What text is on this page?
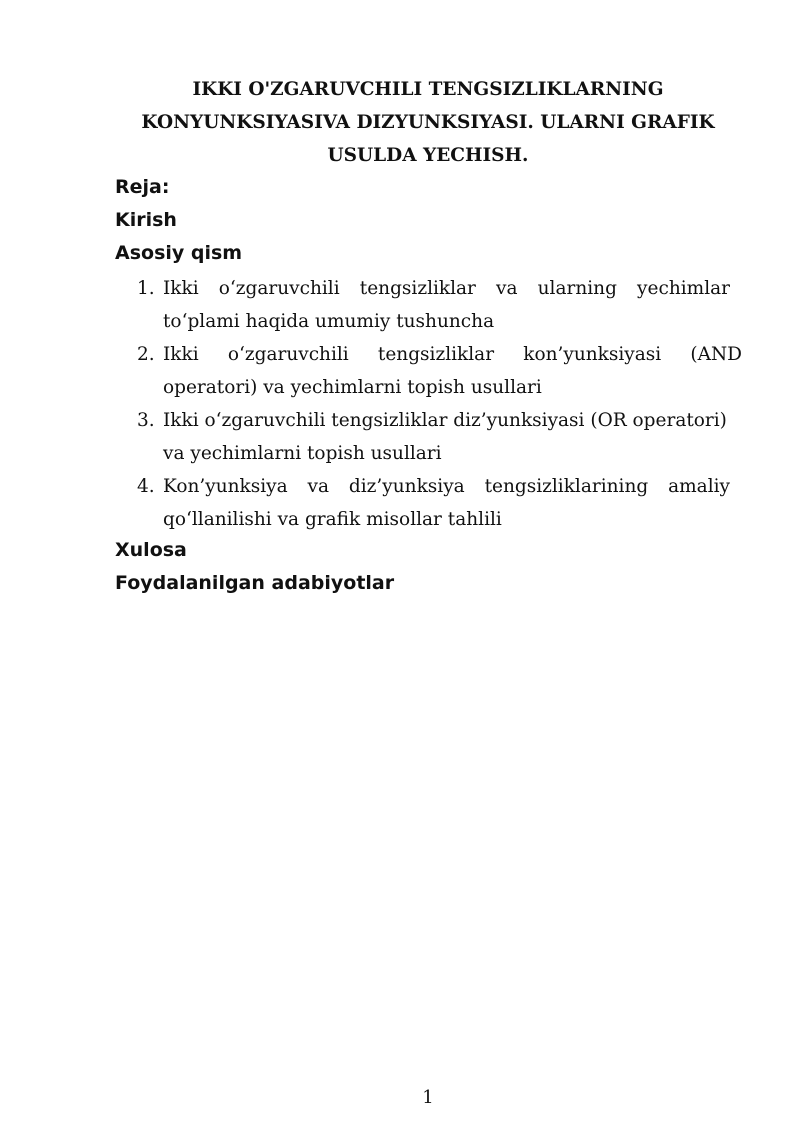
IKKI O'ZGARUVCHILI TENGSIZLIKLARNING
KONYUNKSIYASIVA DIZYUNKSIYASI. ULARNI GRAFIK
USULDA YECHISH.

Reja:

Kirish

Asosiy qism

1. Ikki o‘zgaruvchili tengsizliklar va ularning yechimlar
to‘plami haqida umumiy tushuncha
2. Ikki o‘zgaruvchili tengsizliklar kon’yunksiyasi (AND
operatori) va yechimlarni topish usullari
3. Ikki o‘zgaruvchili tengsizliklar diz’yunksiyasi (OR operatori)
va yechimlarni topish usullari
4. Kon’yunksiya va diz’yunksiya tengsizliklarining amaliy
qo‘llanilishi va grafik misollar tahlili

Xulosa

Foydalanilgan adabiyotlar

1
